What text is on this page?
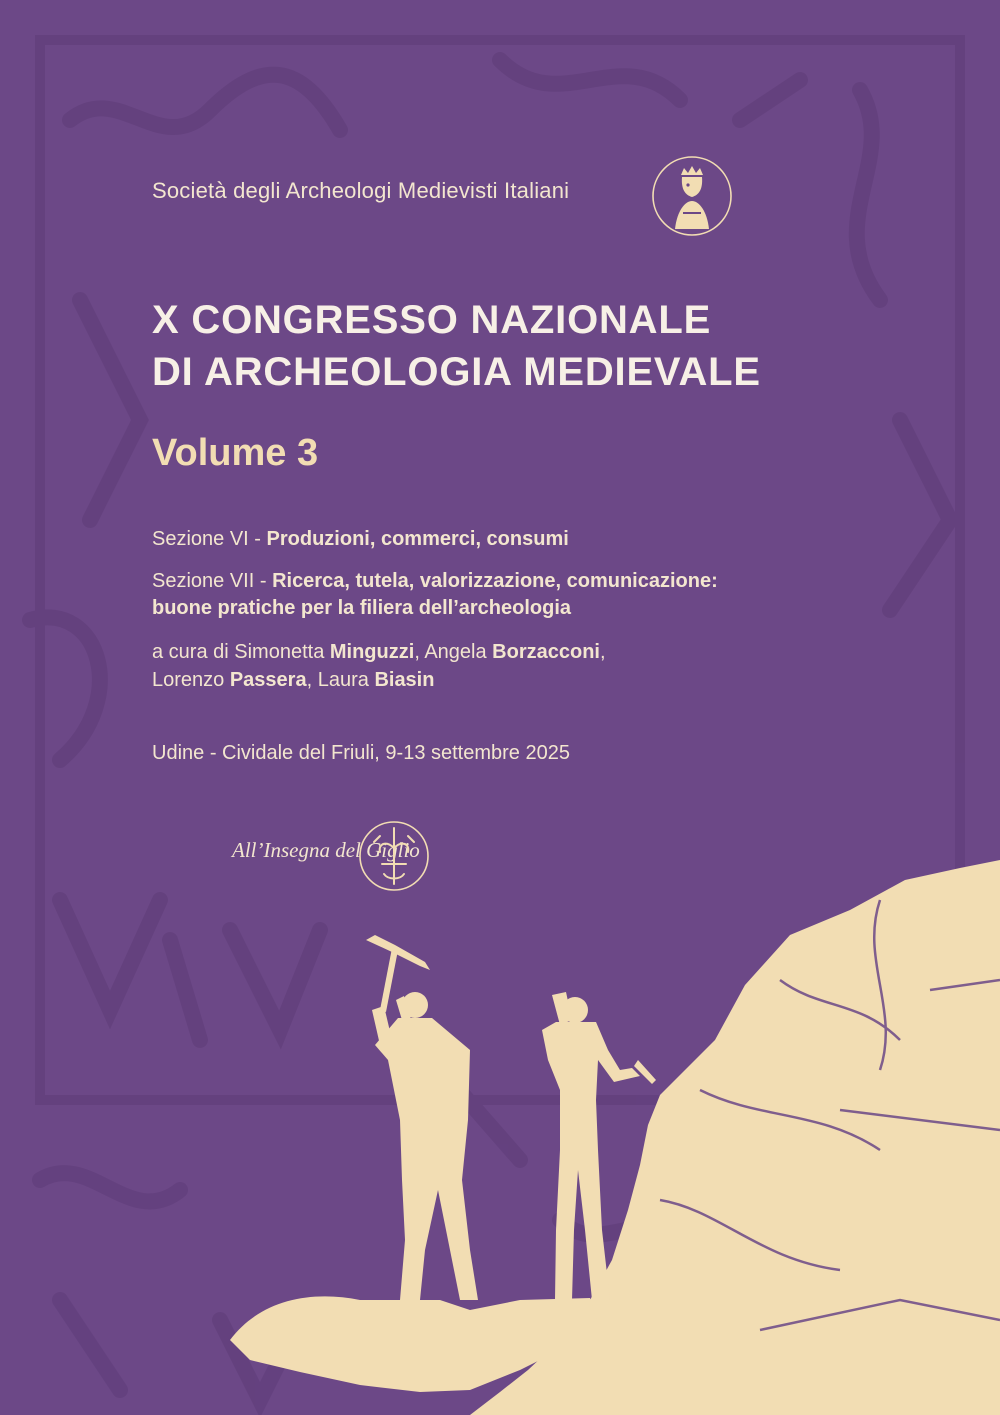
Società degli Archeologi Medievisti Italiani
X CONGRESSO NAZIONALE
DI ARCHEOLOGIA MEDIEVALE
Volume 3
Sezione VI - Produzioni, commerci, consumi
Sezione VII - Ricerca, tutela, valorizzazione, comunicazione:
buone pratiche per la filiera dell’archeologia
a cura di Simonetta Minguzzi, Angela Borzacconi,
Lorenzo Passera, Laura Biasin
Udine - Cividale del Friuli, 9-13 settembre 2025
All’Insegna del Giglio
